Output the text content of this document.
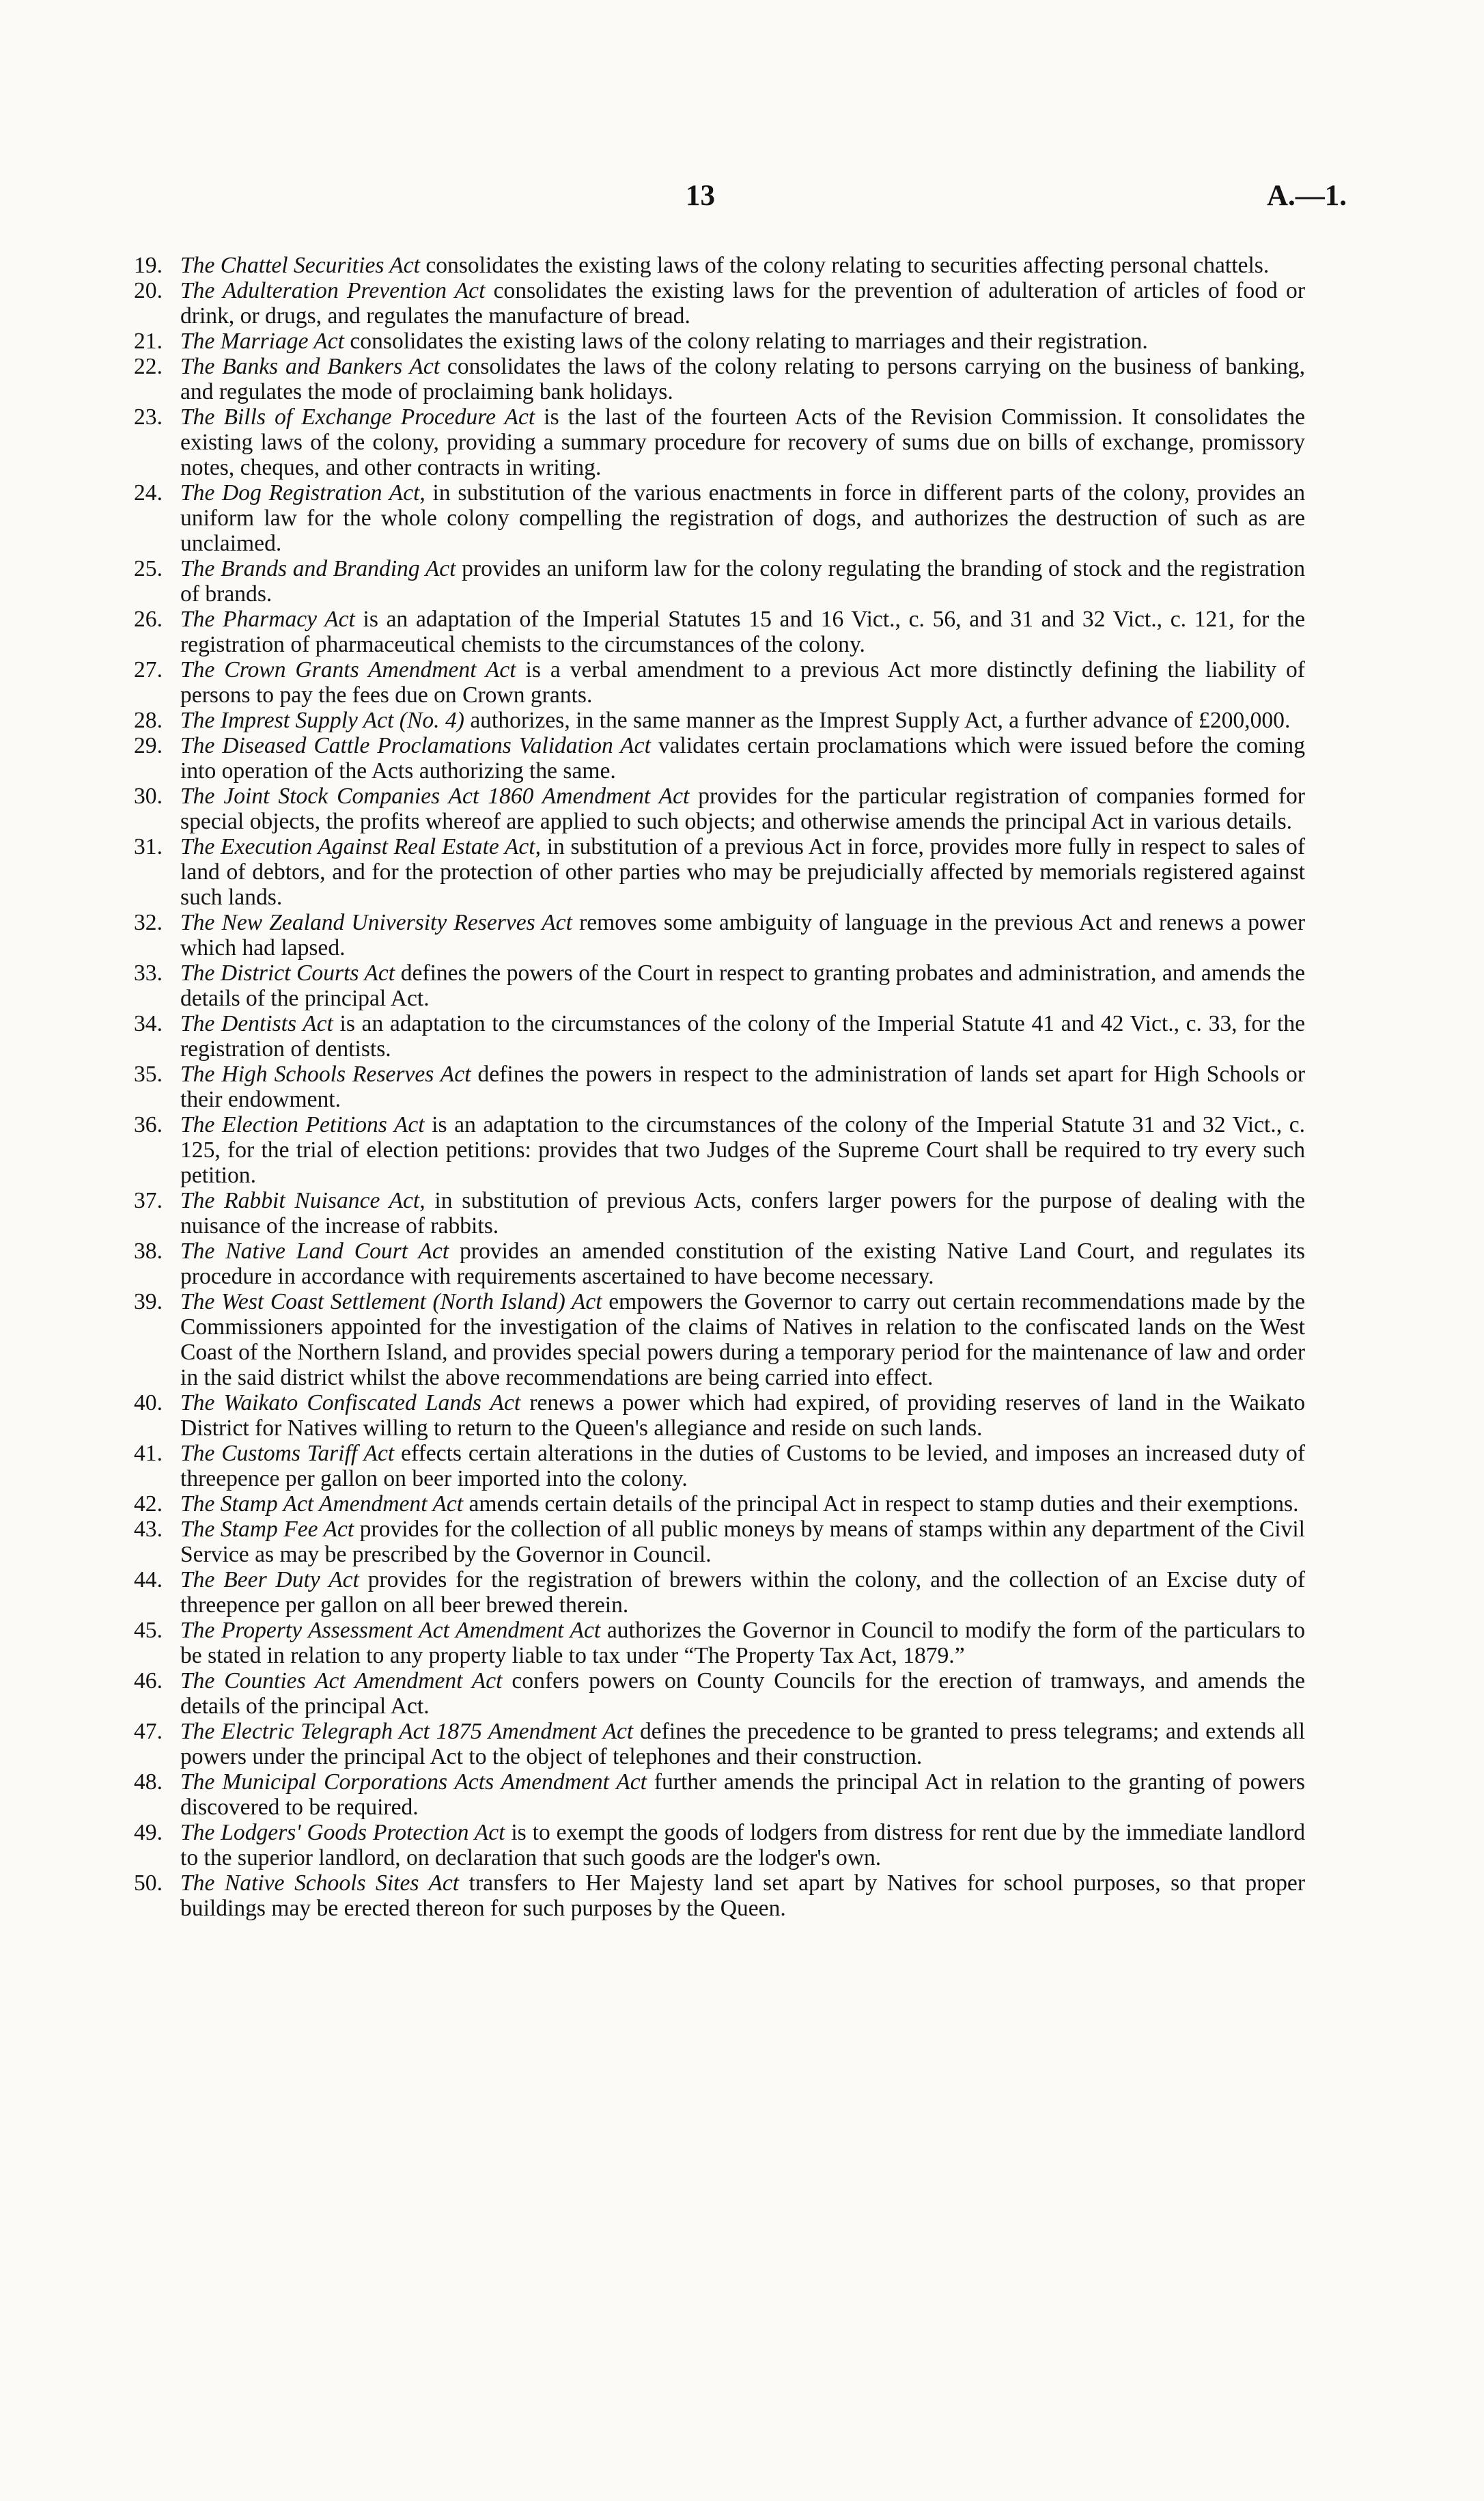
13	A.—1.

19. The Chattel Securities Act consolidates the existing laws of the colony relating to securities affecting personal chattels.

20. The Adulteration Prevention Act consolidates the existing laws for the prevention of adulteration of articles of food or drink, or drugs, and regulates the manufacture of bread.

21. The Marriage Act consolidates the existing laws of the colony relating to marriages and their registration.

22. The Banks and Bankers Act consolidates the laws of the colony relating to persons carrying on the business of banking, and regulates the mode of proclaiming bank holidays.

23. The Bills of Exchange Procedure Act is the last of the fourteen Acts of the Revision Commission. It consolidates the existing laws of the colony, providing a summary procedure for recovery of sums due on bills of exchange, promissory notes, cheques, and other contracts in writing.

24. The Dog Registration Act, in substitution of the various enactments in force in different parts of the colony, provides an uniform law for the whole colony compelling the registration of dogs, and authorizes the destruction of such as are unclaimed.

25. The Brands and Branding Act provides an uniform law for the colony regulating the branding of stock and the registration of brands.

26. The Pharmacy Act is an adaptation of the Imperial Statutes 15 and 16 Vict., c. 56, and 31 and 32 Vict., c. 121, for the registration of pharmaceutical chemists to the circumstances of the colony.

27. The Crown Grants Amendment Act is a verbal amendment to a previous Act more distinctly defining the liability of persons to pay the fees due on Crown grants.

28. The Imprest Supply Act (No. 4) authorizes, in the same manner as the Imprest Supply Act, a further advance of £200,000.

29. The Diseased Cattle Proclamations Validation Act validates certain proclamations which were issued before the coming into operation of the Acts authorizing the same.

30. The Joint Stock Companies Act 1860 Amendment Act provides for the particular registration of companies formed for special objects, the profits whereof are applied to such objects; and otherwise amends the principal Act in various details.

31. The Execution Against Real Estate Act, in substitution of a previous Act in force, provides more fully in respect to sales of land of debtors, and for the protection of other parties who may be prejudicially affected by memorials registered against such lands.

32. The New Zealand University Reserves Act removes some ambiguity of language in the previous Act and renews a power which had lapsed.

33. The District Courts Act defines the powers of the Court in respect to granting probates and administration, and amends the details of the principal Act.

34. The Dentists Act is an adaptation to the circumstances of the colony of the Imperial Statute 41 and 42 Vict., c. 33, for the registration of dentists.

35. The High Schools Reserves Act defines the powers in respect to the administration of lands set apart for High Schools or their endowment.

36. The Election Petitions Act is an adaptation to the circumstances of the colony of the Imperial Statute 31 and 32 Vict., c. 125, for the trial of election petitions: provides that two Judges of the Supreme Court shall be required to try every such petition.

37. The Rabbit Nuisance Act, in substitution of previous Acts, confers larger powers for the purpose of dealing with the nuisance of the increase of rabbits.

38. The Native Land Court Act provides an amended constitution of the existing Native Land Court, and regulates its procedure in accordance with requirements ascertained to have become necessary.

39. The West Coast Settlement (North Island) Act empowers the Governor to carry out certain recommendations made by the Commissioners appointed for the investigation of the claims of Natives in relation to the confiscated lands on the West Coast of the Northern Island, and provides special powers during a temporary period for the maintenance of law and order in the said district whilst the above recommendations are being carried into effect.

40. The Waikato Confiscated Lands Act renews a power which had expired, of providing reserves of land in the Waikato District for Natives willing to return to the Queen's allegiance and reside on such lands.

41. The Customs Tariff Act effects certain alterations in the duties of Customs to be levied, and imposes an increased duty of threepence per gallon on beer imported into the colony.

42. The Stamp Act Amendment Act amends certain details of the principal Act in respect to stamp duties and their exemptions.

43. The Stamp Fee Act provides for the collection of all public moneys by means of stamps within any department of the Civil Service as may be prescribed by the Governor in Council.

44. The Beer Duty Act provides for the registration of brewers within the colony, and the collection of an Excise duty of threepence per gallon on all beer brewed therein.

45. The Property Assessment Act Amendment Act authorizes the Governor in Council to modify the form of the particulars to be stated in relation to any property liable to tax under “The Property Tax Act, 1879.”

46. The Counties Act Amendment Act confers powers on County Councils for the erection of tramways, and amends the details of the principal Act.

47. The Electric Telegraph Act 1875 Amendment Act defines the precedence to be granted to press telegrams; and extends all powers under the principal Act to the object of telephones and their construction.

48. The Municipal Corporations Acts Amendment Act further amends the principal Act in relation to the granting of powers discovered to be required.

49. The Lodgers' Goods Protection Act is to exempt the goods of lodgers from distress for rent due by the immediate landlord to the superior landlord, on declaration that such goods are the lodger's own.

50. The Native Schools Sites Act transfers to Her Majesty land set apart by Natives for school purposes, so that proper buildings may be erected thereon for such purposes by the Queen.
